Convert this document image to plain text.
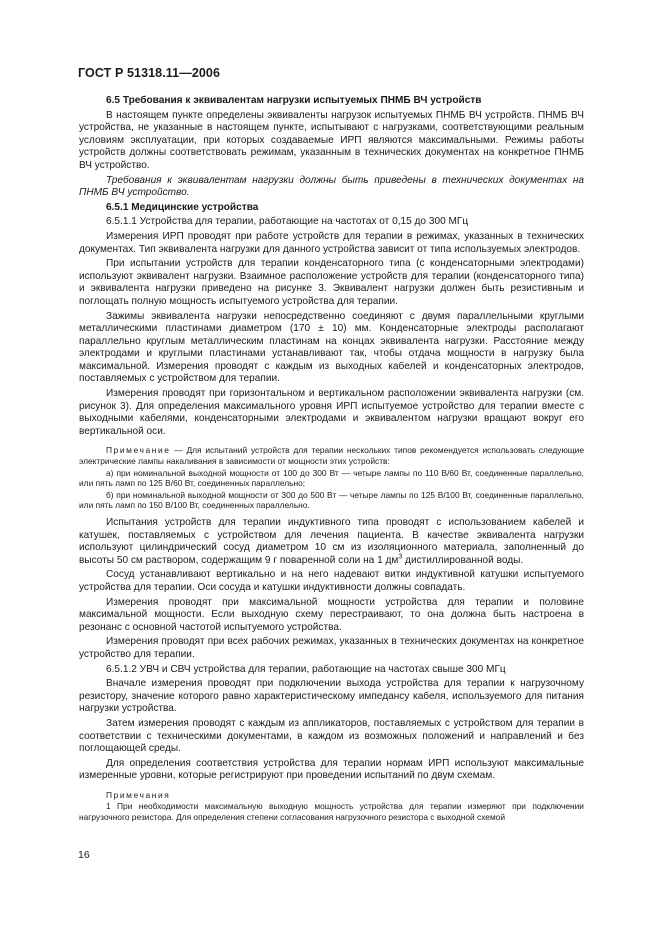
ГОСТ Р 51318.11—2006

6.5 Требования к эквивалентам нагрузки испытуемых ПНМБ ВЧ устройств

В настоящем пункте определены эквиваленты нагрузок испытуемых ПНМБ ВЧ устройств. ПНМБ ВЧ устройства, не указанные в настоящем пункте, испытывают с нагрузками, соответствующими реальным условиям эксплуатации, при которых создаваемые ИРП являются максимальными. Режимы работы устройств должны соответствовать режимам, указанным в технических документах на конкретное ПНМБ ВЧ устройство.

Требования к эквивалентам нагрузки должны быть приведены в технических документах на ПНМБ ВЧ устройство.

6.5.1 Медицинские устройства

6.5.1.1 Устройства для терапии, работающие на частотах от 0,15 до 300 МГц

Измерения ИРП проводят при работе устройств для терапии в режимах, указанных в технических документах. Тип эквивалента нагрузки для данного устройства зависит от типа используемых электродов.

При испытании устройств для терапии конденсаторного типа (с конденсаторными электродами) используют эквивалент нагрузки. Взаимное расположение устройств для терапии (конденсаторного типа) и эквивалента нагрузки приведено на рисунке 3. Эквивалент нагрузки должен быть резистивным и поглощать полную мощность испытуемого устройства для терапии.

Зажимы эквивалента нагрузки непосредственно соединяют с двумя параллельными круглыми металлическими пластинами диаметром (170 ± 10) мм. Конденсаторные электроды располагают параллельно круглым металлическим пластинам на концах эквивалента нагрузки. Расстояние между электродами и круглыми пластинами устанавливают так, чтобы отдача мощности в нагрузку была максимальной. Измерения проводят с каждым из выходных кабелей и конденсаторных электродов, поставляемых с устройством для терапии.

Измерения проводят при горизонтальном и вертикальном расположении эквивалента нагрузки (см. рисунок 3). Для определения максимального уровня ИРП испытуемое устройство для терапии вместе с выходными кабелями, конденсаторными электродами и эквивалентом нагрузки вращают вокруг его вертикальной оси.

Примечание — Для испытаний устройств для терапии нескольких типов рекомендуется использовать следующие электрические лампы накаливания в зависимости от мощности этих устройств:

а) при номинальной выходной мощности от 100 до 300 Вт — четыре лампы по 110 В/60 Вт, соединенные параллельно, или пять ламп по 125 В/60 Вт, соединенных параллельно;

б) при номинальной выходной мощности от 300 до 500 Вт — четыре лампы по 125 В/100 Вт, соединенные параллельно, или пять ламп по 150 В/100 Вт, соединенных параллельно.

Испытания устройств для терапии индуктивного типа проводят с использованием кабелей и катушек, поставляемых с устройством для лечения пациента. В качестве эквивалента нагрузки используют цилиндрический сосуд диаметром 10 см из изоляционного материала, заполненный до высоты 50 см раствором, содержащим 9 г поваренной соли на 1 $дм^3$ дистиллированной воды.

Сосуд устанавливают вертикально и на него надевают витки индуктивной катушки испытуемого устройства для терапии. Оси сосуда и катушки индуктивности должны совпадать.

Измерения проводят при максимальной мощности устройства для терапии и половине максимальной мощности. Если выходную схему перестраивают, то она должна быть настроена в резонанс с основной частотой испытуемого устройства.

Измерения проводят при всех рабочих режимах, указанных в технических документах на конкретное устройство для терапии.

6.5.1.2 УВЧ и СВЧ устройства для терапии, работающие на частотах свыше 300 МГц

Вначале измерения проводят при подключении выхода устройства для терапии к нагрузочному резистору, значение которого равно характеристическому импедансу кабеля, используемого для питания нагрузки устройства.

Затем измерения проводят с каждым из аппликаторов, поставляемых с устройством для терапии в соответствии с техническими документами, в каждом из возможных положений и направлений и без поглощающей среды.

Для определения соответствия устройства для терапии нормам ИРП используют максимальные измеренные уровни, которые регистрируют при проведении испытаний по двум схемам.

Примечания

1 При необходимости максимальную выходную мощность устройства для терапии измеряют при подключении нагрузочного резистора. Для определения степени согласования нагрузочного резистора с выходной схемой

16
